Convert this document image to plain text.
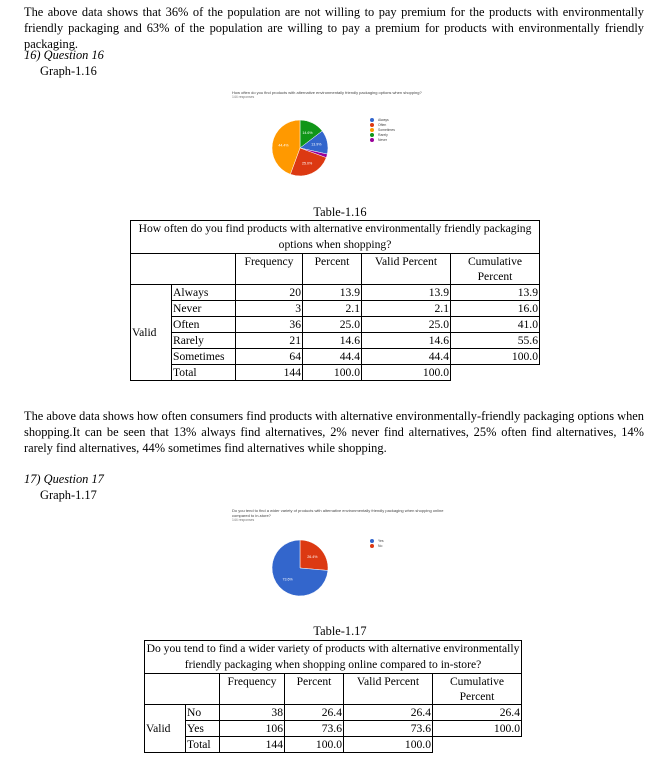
The above data shows that 36% of the population are not willing to pay premium for the products with environmentally friendly packaging and 63% of the population are willing to pay a premium for products with environmentally friendly packaging.
16) Question 16
Graph-1.16
How often do you find products with alternative environmentally friendly packaging options when shopping?
144 responses
14.6%
13.9%
25.0%
44.4%
Always
Often
Sometimes
Rarely
Never
Table-1.16
How often do you find products with alternative environmentally friendly packaging options when shopping?					
		Frequency	Percent	Valid Percent	Cumulative Percent
Valid	Always	20	13.9	13.9	13.9
	Never	3	2.1	2.1	16.0
	Often	36	25.0	25.0	41.0
	Rarely	21	14.6	14.6	55.6
	Sometimes	64	44.4	44.4	100.0
	Total	144	100.0	100.0	
The above data shows how often consumers find products with alternative environmentally-friendly packaging options when shopping.It can be seen that 13% always find alternatives, 2% never find alternatives, 25% often find alternatives, 14% rarely find alternatives, 44% sometimes find alternatives while shopping.
17) Question 17
Graph-1.17
Do you tend to find a wider variety of products with alternative environmentally friendly packaging when shopping online compared to in-store?
144 responses
26.4%
73.6%
Yes
No
Table-1.17
Do you tend to find a wider variety of products with alternative environmentally friendly packaging when shopping online compared to in-store?					
		Frequency	Percent	Valid Percent	Cumulative Percent
Valid	No	38	26.4	26.4	26.4
	Yes	106	73.6	73.6	100.0
	Total	144	100.0	100.0	
